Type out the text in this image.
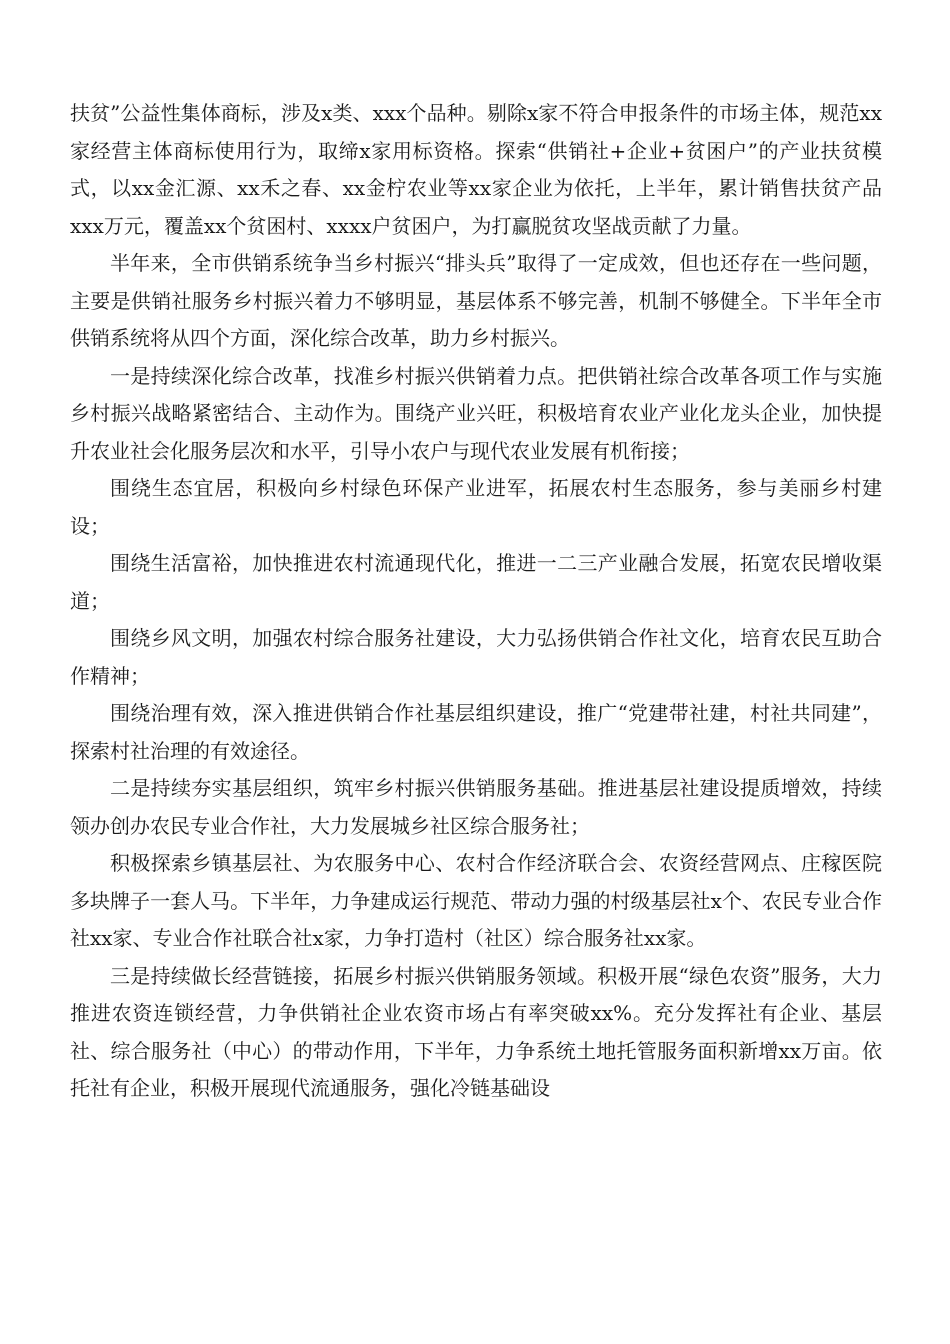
扶贫”公益性集体商标，涉及x类、xxx个品种。剔除x家不符合申报条件的市场主体，规范xx家经营主体商标使用行为，取缔x家用标资格。探索“供销社+企业+贫困户”的产业扶贫模式，以xx金汇源、xx禾之春、xx金柠农业等xx家企业为依托，上半年，累计销售扶贫产品xxx万元，覆盖xx个贫困村、xxxx户贫困户，为打赢脱贫攻坚战贡献了力量。

半年来，全市供销系统争当乡村振兴“排头兵”取得了一定成效，但也还存在一些问题，主要是供销社服务乡村振兴着力不够明显，基层体系不够完善，机制不够健全。下半年全市供销系统将从四个方面，深化综合改革，助力乡村振兴。

一是持续深化综合改革，找准乡村振兴供销着力点。把供销社综合改革各项工作与实施乡村振兴战略紧密结合、主动作为。围绕产业兴旺，积极培育农业产业化龙头企业，加快提升农业社会化服务层次和水平，引导小农户与现代农业发展有机衔接；

围绕生态宜居，积极向乡村绿色环保产业进军，拓展农村生态服务，参与美丽乡村建设；

围绕生活富裕，加快推进农村流通现代化，推进一二三产业融合发展，拓宽农民增收渠道；

围绕乡风文明，加强农村综合服务社建设，大力弘扬供销合作社文化，培育农民互助合作精神；

围绕治理有效，深入推进供销合作社基层组织建设，推广“党建带社建，村社共同建”，探索村社治理的有效途径。

二是持续夯实基层组织，筑牢乡村振兴供销服务基础。推进基层社建设提质增效，持续领办创办农民专业合作社，大力发展城乡社区综合服务社；

积极探索乡镇基层社、为农服务中心、农村合作经济联合会、农资经营网点、庄稼医院多块牌子一套人马。下半年，力争建成运行规范、带动力强的村级基层社x个、农民专业合作社xx家、专业合作社联合社x家，力争打造村（社区）综合服务社xx家。

三是持续做长经营链接，拓展乡村振兴供销服务领域。积极开展“绿色农资”服务，大力推进农资连锁经营，力争供销社企业农资市场占有率突破xx%。充分发挥社有企业、基层社、综合服务社（中心）的带动作用，下半年，力争系统土地托管服务面积新增xx万亩。依托社有企业，积极开展现代流通服务，强化冷链基础设
